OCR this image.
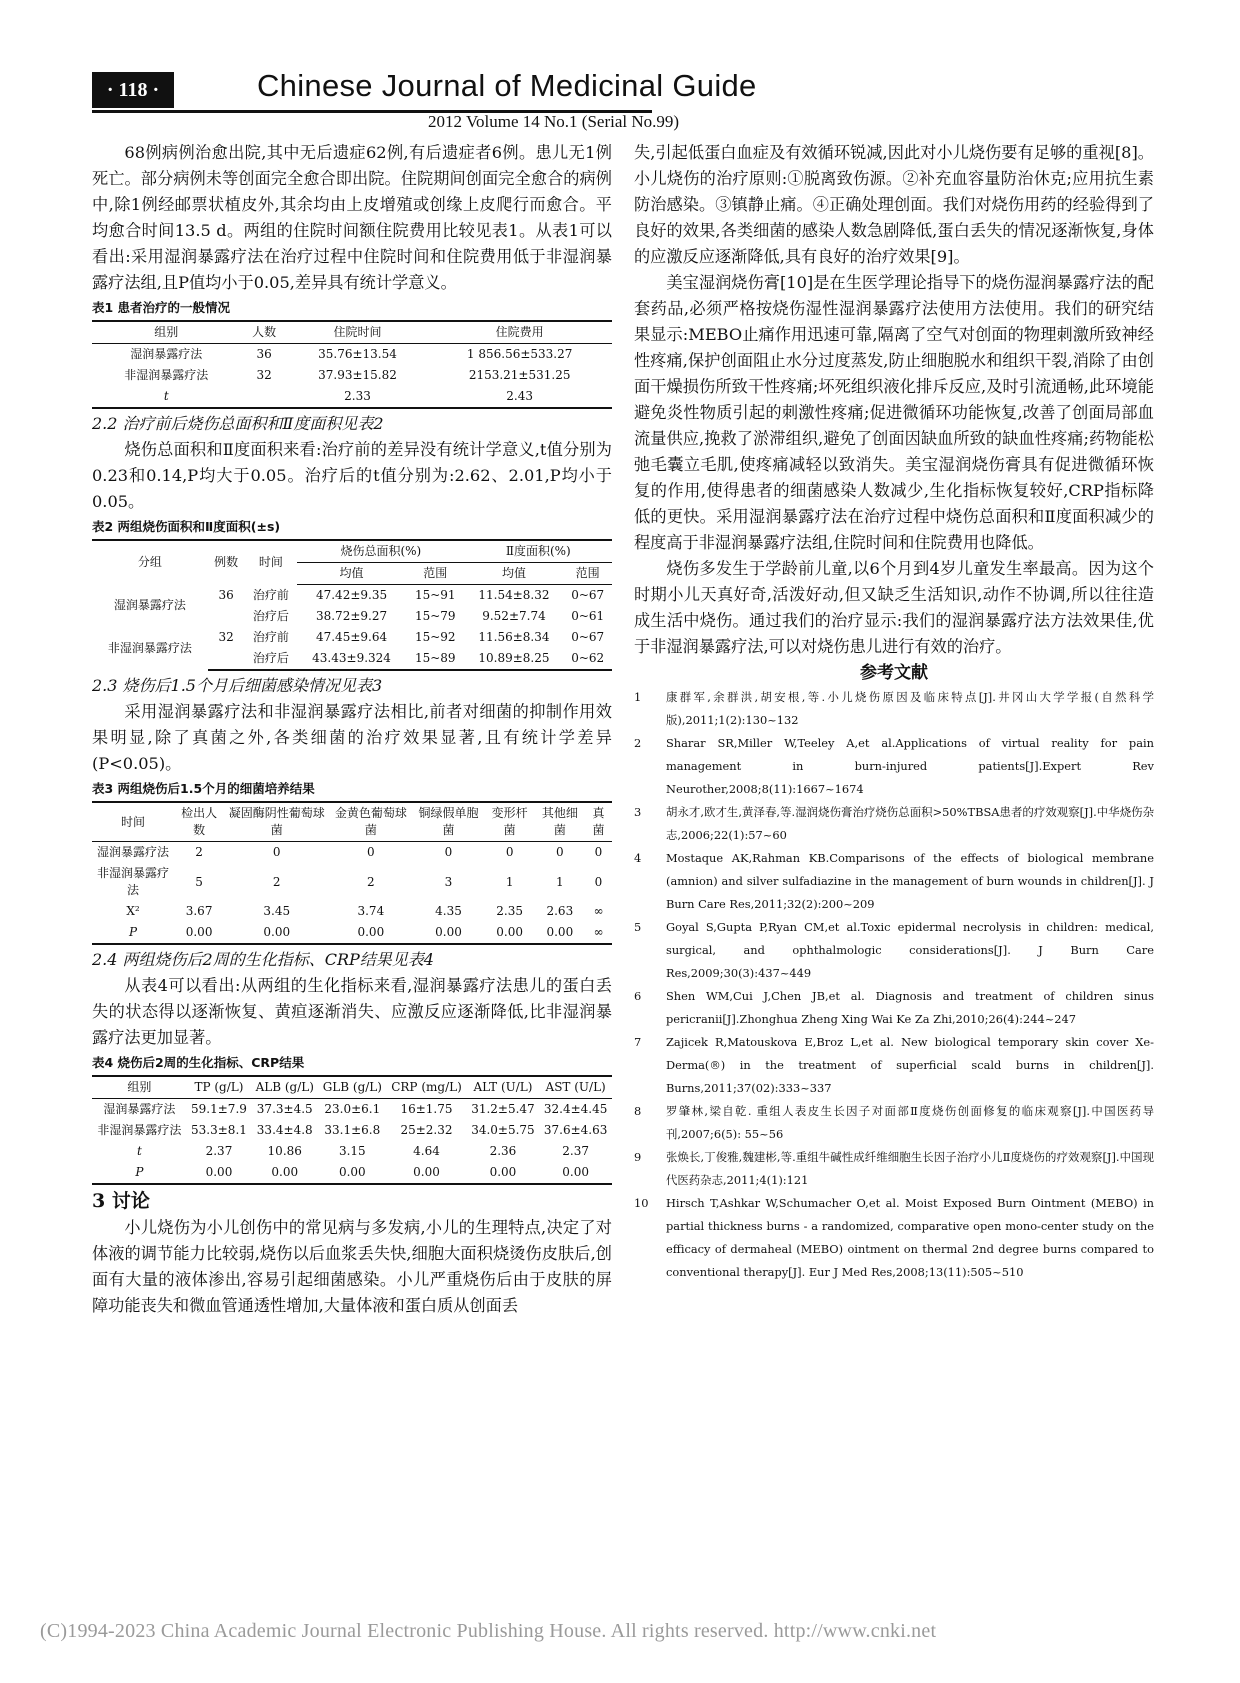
· 118 ·	Chinese Journal of Medicinal Guide
2012 Volume 14 No.1 (Serial No.99)

68例病例治愈出院,其中无后遗症62例,有后遗症者6例。患儿无1例死亡。部分病例未等创面完全愈合即出院。住院期间创面完全愈合的病例中,除1例经邮票状植皮外,其余均由上皮增殖或创缘上皮爬行而愈合。平均愈合时间13.5 d。两组的住院时间额住院费用比较见表1。从表1可以看出:采用湿润暴露疗法在治疗过程中住院时间和住院费用低于非湿润暴露疗法组,且P值均小于0.05,差异具有统计学意义。

表1 患者治疗的一般情况
组别	人数	住院时间	住院费用
湿润暴露疗法	36	35.76±13.54	1 856.56±533.27
非湿润暴露疗法	32	37.93±15.82	2153.21±531.25
t		2.33	2.43
2.2 治疗前后烧伤总面积和Ⅱ度面积见表2

烧伤总面积和Ⅱ度面积来看:治疗前的差异没有统计学意义,t值分别为0.23和0.14,P均大于0.05。治疗后的t值分别为:2.62、2.01,P均小于0.05。

表2 两组烧伤面积和Ⅱ度面积(±s)
分组	例数	时间	烧伤总面积(%)		Ⅱ度面积(%)	
			均值	范围	均值	范围
湿润暴露疗法	36	治疗前	47.42±9.35	15~91	11.54±8.32	0~67
		治疗后	38.72±9.27	15~79	9.52±7.74	0~61
非湿润暴露疗法	32	治疗前	47.45±9.64	15~92	11.56±8.34	0~67
		治疗后	43.43±9.324	15~89	10.89±8.25	0~62
2.3 烧伤后1.5个月后细菌感染情况见表3

采用湿润暴露疗法和非湿润暴露疗法相比,前者对细菌的抑制作用效果明显,除了真菌之外,各类细菌的治疗效果显著,且有统计学差异(P<0.05)。

表3 两组烧伤后1.5个月的细菌培养结果
时间	检出人数	凝固酶阴性葡萄球菌	金黄色葡萄球菌	铜绿假单胞菌	变形杆菌	其他细菌	真菌
湿润暴露疗法	2	0	0	0	0	0	0
非湿润暴露疗法	5	2	2	3	1	1	0
X²	3.67	3.45	3.74	4.35	2.35	2.63	∞
P	0.00	0.00	0.00	0.00	0.00	0.00	∞
2.4 两组烧伤后2周的生化指标、CRP结果见表4

从表4可以看出:从两组的生化指标来看,湿润暴露疗法患儿的蛋白丢失的状态得以逐渐恢复、黄疸逐渐消失、应激反应逐渐降低,比非湿润暴露疗法更加显著。

表4 烧伤后2周的生化指标、CRP结果
组别	TP (g/L)	ALB (g/L)	GLB (g/L)	CRP (mg/L)	ALT (U/L)	AST (U/L)
湿润暴露疗法	59.1±7.9	37.3±4.5	23.0±6.1	16±1.75	31.2±5.47	32.4±4.45
非湿润暴露疗法	53.3±8.1	33.4±4.8	33.1±6.8	25±2.32	34.0±5.75	37.6±4.63
t	2.37	10.86	3.15	4.64	2.36	2.37
P	0.00	0.00	0.00	0.00	0.00	0.00
3 讨论

小儿烧伤为小儿创伤中的常见病与多发病,小儿的生理特点,决定了对体液的调节能力比较弱,烧伤以后血浆丢失快,细胞大面积烧烫伤皮肤后,创面有大量的液体渗出,容易引起细菌感染。小儿严重烧伤后由于皮肤的屏障功能丧失和微血管通透性增加,大量体液和蛋白质从创面丢

失,引起低蛋白血症及有效循环锐减,因此对小儿烧伤要有足够的重视[8]。小儿烧伤的治疗原则:①脱离致伤源。②补充血容量防治休克;应用抗生素防治感染。③镇静止痛。④正确处理创面。我们对烧伤用药的经验得到了良好的效果,各类细菌的感染人数急剧降低,蛋白丢失的情况逐渐恢复,身体的应激反应逐渐降低,具有良好的治疗效果[9]。

美宝湿润烧伤膏[10]是在生医学理论指导下的烧伤湿润暴露疗法的配套药品,必须严格按烧伤湿性湿润暴露疗法使用方法使用。我们的研究结果显示:MEBO止痛作用迅速可靠,隔离了空气对创面的物理刺激所致神经性疼痛,保护创面阻止水分过度蒸发,防止细胞脱水和组织干裂,消除了由创面干燥损伤所致干性疼痛;坏死组织液化排斥反应,及时引流通畅,此环境能避免炎性物质引起的刺激性疼痛;促进微循环功能恢复,改善了创面局部血流量供应,挽救了淤滞组织,避免了创面因缺血所致的缺血性疼痛;药物能松弛毛囊立毛肌,使疼痛减轻以致消失。美宝湿润烧伤膏具有促进微循环恢复的作用,使得患者的细菌感染人数减少,生化指标恢复较好,CRP指标降低的更快。采用湿润暴露疗法在治疗过程中烧伤总面积和Ⅱ度面积减少的程度高于非湿润暴露疗法组,住院时间和住院费用也降低。

烧伤多发生于学龄前儿童,以6个月到4岁儿童发生率最高。因为这个时期小儿天真好奇,活泼好动,但又缺乏生活知识,动作不协调,所以往往造成生活中烧伤。通过我们的治疗显示:我们的湿润暴露疗法方法效果佳,优于非湿润暴露疗法,可以对烧伤患儿进行有效的治疗。

参考文献
1	康群军,余群洪,胡安根,等.小儿烧伤原因及临床特点[J].井冈山大学学报(自然科学版),2011;1(2):130~132
2	Sharar SR,Miller W,Teeley A,et al.Applications of virtual reality for pain management in burn-injured patients[J].Expert Rev Neurother,2008;8(11):1667~1674
3	胡永才,欧才生,黄泽春,等.湿润烧伤膏治疗烧伤总面积>50%TBSA患者的疗效观察[J].中华烧伤杂志,2006;22(1):57~60
4	Mostaque AK,Rahman KB.Comparisons of the effects of biological membrane (amnion) and silver sulfadiazine in the management of burn wounds in children[J]. J Burn Care Res,2011;32(2):200~209
5	Goyal S,Gupta P,Ryan CM,et al.Toxic epidermal necrolysis in children: medical, surgical, and ophthalmologic considerations[J]. J Burn Care Res,2009;30(3):437~449
6	Shen WM,Cui J,Chen JB,et al. Diagnosis and treatment of children sinus pericranii[J].Zhonghua Zheng Xing Wai Ke Za Zhi,2010;26(4):244~247
7	Zajicek R,Matouskova E,Broz L,et al. New biological temporary skin cover Xe-Derma(®) in the treatment of superficial scald burns in children[J]. Burns,2011;37(02):333~337
8	罗肇林,梁自乾. 重组人表皮生长因子对面部Ⅱ度烧伤创面修复的临床观察[J].中国医药导刊,2007;6(5): 55~56
9	张焕长,丁俊雅,魏建彬,等.重组牛碱性成纤维细胞生长因子治疗小儿Ⅱ度烧伤的疗效观察[J].中国现代医药杂志,2011;4(1):121
10	Hirsch T,Ashkar W,Schumacher O,et al. Moist Exposed Burn Ointment (MEBO) in partial thickness burns - a randomized, comparative open mono-center study on the efficacy of dermaheal (MEBO) ointment on thermal 2nd degree burns compared to conventional therapy[J]. Eur J Med Res,2008;13(11):505~510
(C)1994-2023 China Academic Journal Electronic Publishing House. All rights reserved. http://www.cnki.net
